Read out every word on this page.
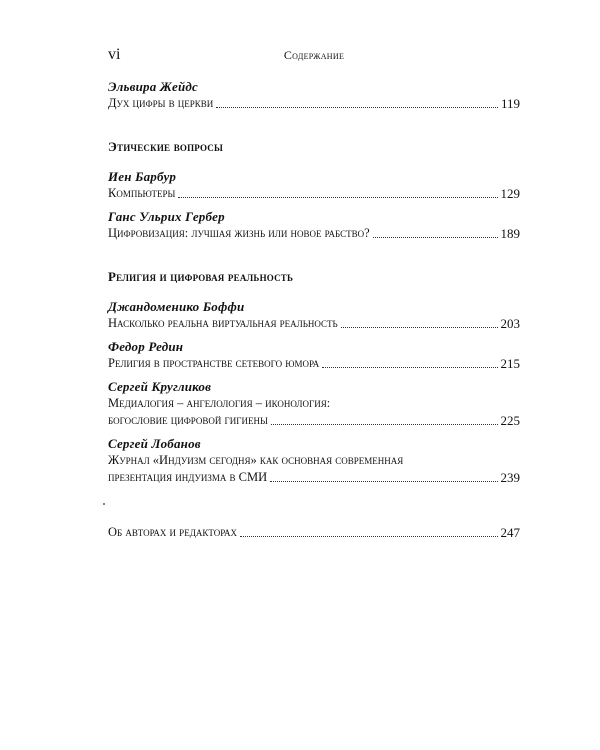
vi	Содержание
Эльвира Жейдс
Дух цифры в церкви	119
Этические вопросы
Иен Барбур
Компьютеры	129
Ганс Ульрих Гербер
Цифровизация: лучшая жизнь или новое рабство?	189
Религия и цифровая реальность
Джандоменико Боффи
Насколько реальна виртуальная реальность	203
Федор Редин
Религия в пространстве сетевого юмора	215
Сергей Кругликов
Медиалогия – ангелология – иконология:
богословие цифровой гигиены	225
Сергей Лобанов
Журнал «Индуизм сегодня» как основная современная
презентация индуизма в СМИ	239
Об авторах и редакторах	247
